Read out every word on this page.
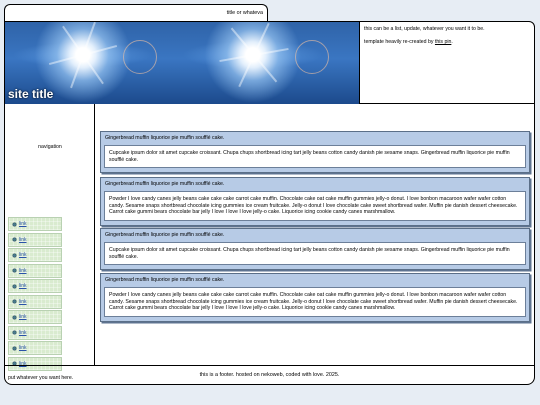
title or whateva
site title

this can be a list, update, whatever you want it to be.

template heavily re-created by this pin.

navigation
link
link
link
link
link
link
link
link
link
link
put whatever you want here.
Gingerbread muffin liquorice pie muffin soufflé cake.
Cupcake ipsum dolor sit amet cupcake croissant. Chupa chups shortbread icing tart jelly beans cotton candy danish pie sesame snaps. Gingerbread muffin liquorice pie muffin soufflé cake.
Gingerbread muffin liquorice pie muffin soufflé cake.
Powder I love candy canes jelly beans cake cake cake carrot cake muffin. Chocolate cake oat cake muffin gummies jelly-o donut. I love bonbon macaroon wafer wafer cotton candy. Sesame snaps shortbread chocolate icing gummies ice cream fruitcake. Jelly-o donut I love chocolate cake sweet shortbread wafer. Muffin pie danish dessert cheesecake. Carrot cake gummi bears chocolate bar jelly I love I love I love jelly-o cake. Liquorice icing cookie candy canes marshmallow.
Gingerbread muffin liquorice pie muffin soufflé cake.
Cupcake ipsum dolor sit amet cupcake croissant. Chupa chups shortbread icing tart jelly beans cotton candy danish pie sesame snaps. Gingerbread muffin liquorice pie muffin soufflé cake.
Gingerbread muffin liquorice pie muffin soufflé cake.
Powder I love candy canes jelly beans cake cake cake carrot cake muffin. Chocolate cake oat cake muffin gummies jelly-o donut. I love bonbon macaroon wafer wafer cotton candy. Sesame snaps shortbread chocolate icing gummies ice cream fruitcake. Jelly-o donut I love chocolate cake sweet shortbread wafer. Muffin pie danish dessert cheesecake. Carrot cake gummi bears chocolate bar jelly I love I love I love jelly-o cake. Liquorice icing cookie candy canes marshmallow.
this is a footer. hosted on nekoweb, coded with love. 2025.
